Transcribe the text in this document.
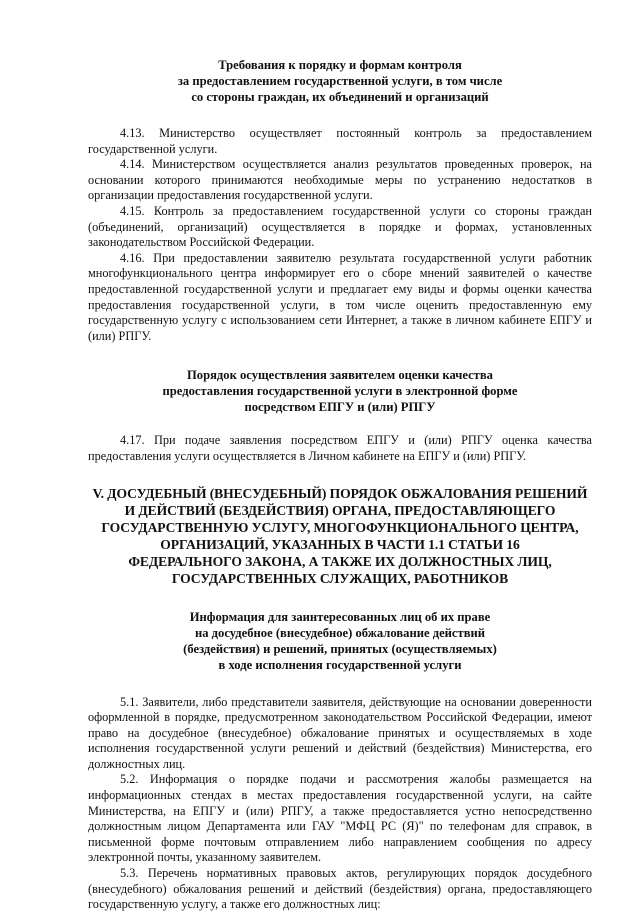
Требования к порядку и формам контроля
за предоставлением государственной услуги, в том числе
со стороны граждан, их объединений и организаций

4.13. Министерство осуществляет постоянный контроль за предоставлением государственной услуги.

4.14. Министерством осуществляется анализ результатов проведенных проверок, на основании которого принимаются необходимые меры по устранению недостатков в организации предоставления государственной услуги.

4.15. Контроль за предоставлением государственной услуги со стороны граждан (объединений, организаций) осуществляется в порядке и формах, установленных законодательством Российской Федерации.

4.16. При предоставлении заявителю результата государственной услуги работник многофункционального центра информирует его о сборе мнений заявителей о качестве предоставленной государственной услуги и предлагает ему виды и формы оценки качества предоставления государственной услуги, в том числе оценить предоставленную ему государственную услугу с использованием сети Интернет, а также в личном кабинете ЕПГУ и (или) РПГУ.

Порядок осуществления заявителем оценки качества
предоставления государственной услуги в электронной форме
посредством ЕПГУ и (или) РПГУ

4.17. При подаче заявления посредством ЕПГУ и (или) РПГУ оценка качества предоставления услуги осуществляется в Личном кабинете на ЕПГУ и (или) РПГУ.

V. ДОСУДЕБНЫЙ (ВНЕСУДЕБНЫЙ) ПОРЯДОК ОБЖАЛОВАНИЯ РЕШЕНИЙ
И ДЕЙСТВИЙ (БЕЗДЕЙСТВИЯ) ОРГАНА, ПРЕДОСТАВЛЯЮЩЕГО
ГОСУДАРСТВЕННУЮ УСЛУГУ, МНОГОФУНКЦИОНАЛЬНОГО ЦЕНТРА,
ОРГАНИЗАЦИЙ, УКАЗАННЫХ В ЧАСТИ 1.1 СТАТЬИ 16
ФЕДЕРАЛЬНОГО ЗАКОНА, А ТАКЖЕ ИХ ДОЛЖНОСТНЫХ ЛИЦ,
ГОСУДАРСТВЕННЫХ СЛУЖАЩИХ, РАБОТНИКОВ
Информация для заинтересованных лиц об их праве
на досудебное (внесудебное) обжалование действий
(бездействия) и решений, принятых (осуществляемых)
в ходе исполнения государственной услуги

5.1. Заявители, либо представители заявителя, действующие на основании доверенности оформленной в порядке, предусмотренном законодательством Российской Федерации, имеют право на досудебное (внесудебное) обжалование принятых и осуществляемых в ходе исполнения государственной услуги решений и действий (бездействия) Министерства, его должностных лиц.

5.2. Информация о порядке подачи и рассмотрения жалобы размещается на информационных стендах в местах предоставления государственной услуги, на сайте Министерства, на ЕПГУ и (или) РПГУ, а также предоставляется устно непосредственно должностным лицом Департамента или ГАУ "МФЦ РС (Я)" по телефонам для справок, в письменной форме почтовым отправлением либо направлением сообщения по адресу электронной почты, указанному заявителем.

5.3. Перечень нормативных правовых актов, регулирующих порядок досудебного (внесудебного) обжалования решений и действий (бездействия) органа, предоставляющего государственную услугу, а также его должностных лиц:
